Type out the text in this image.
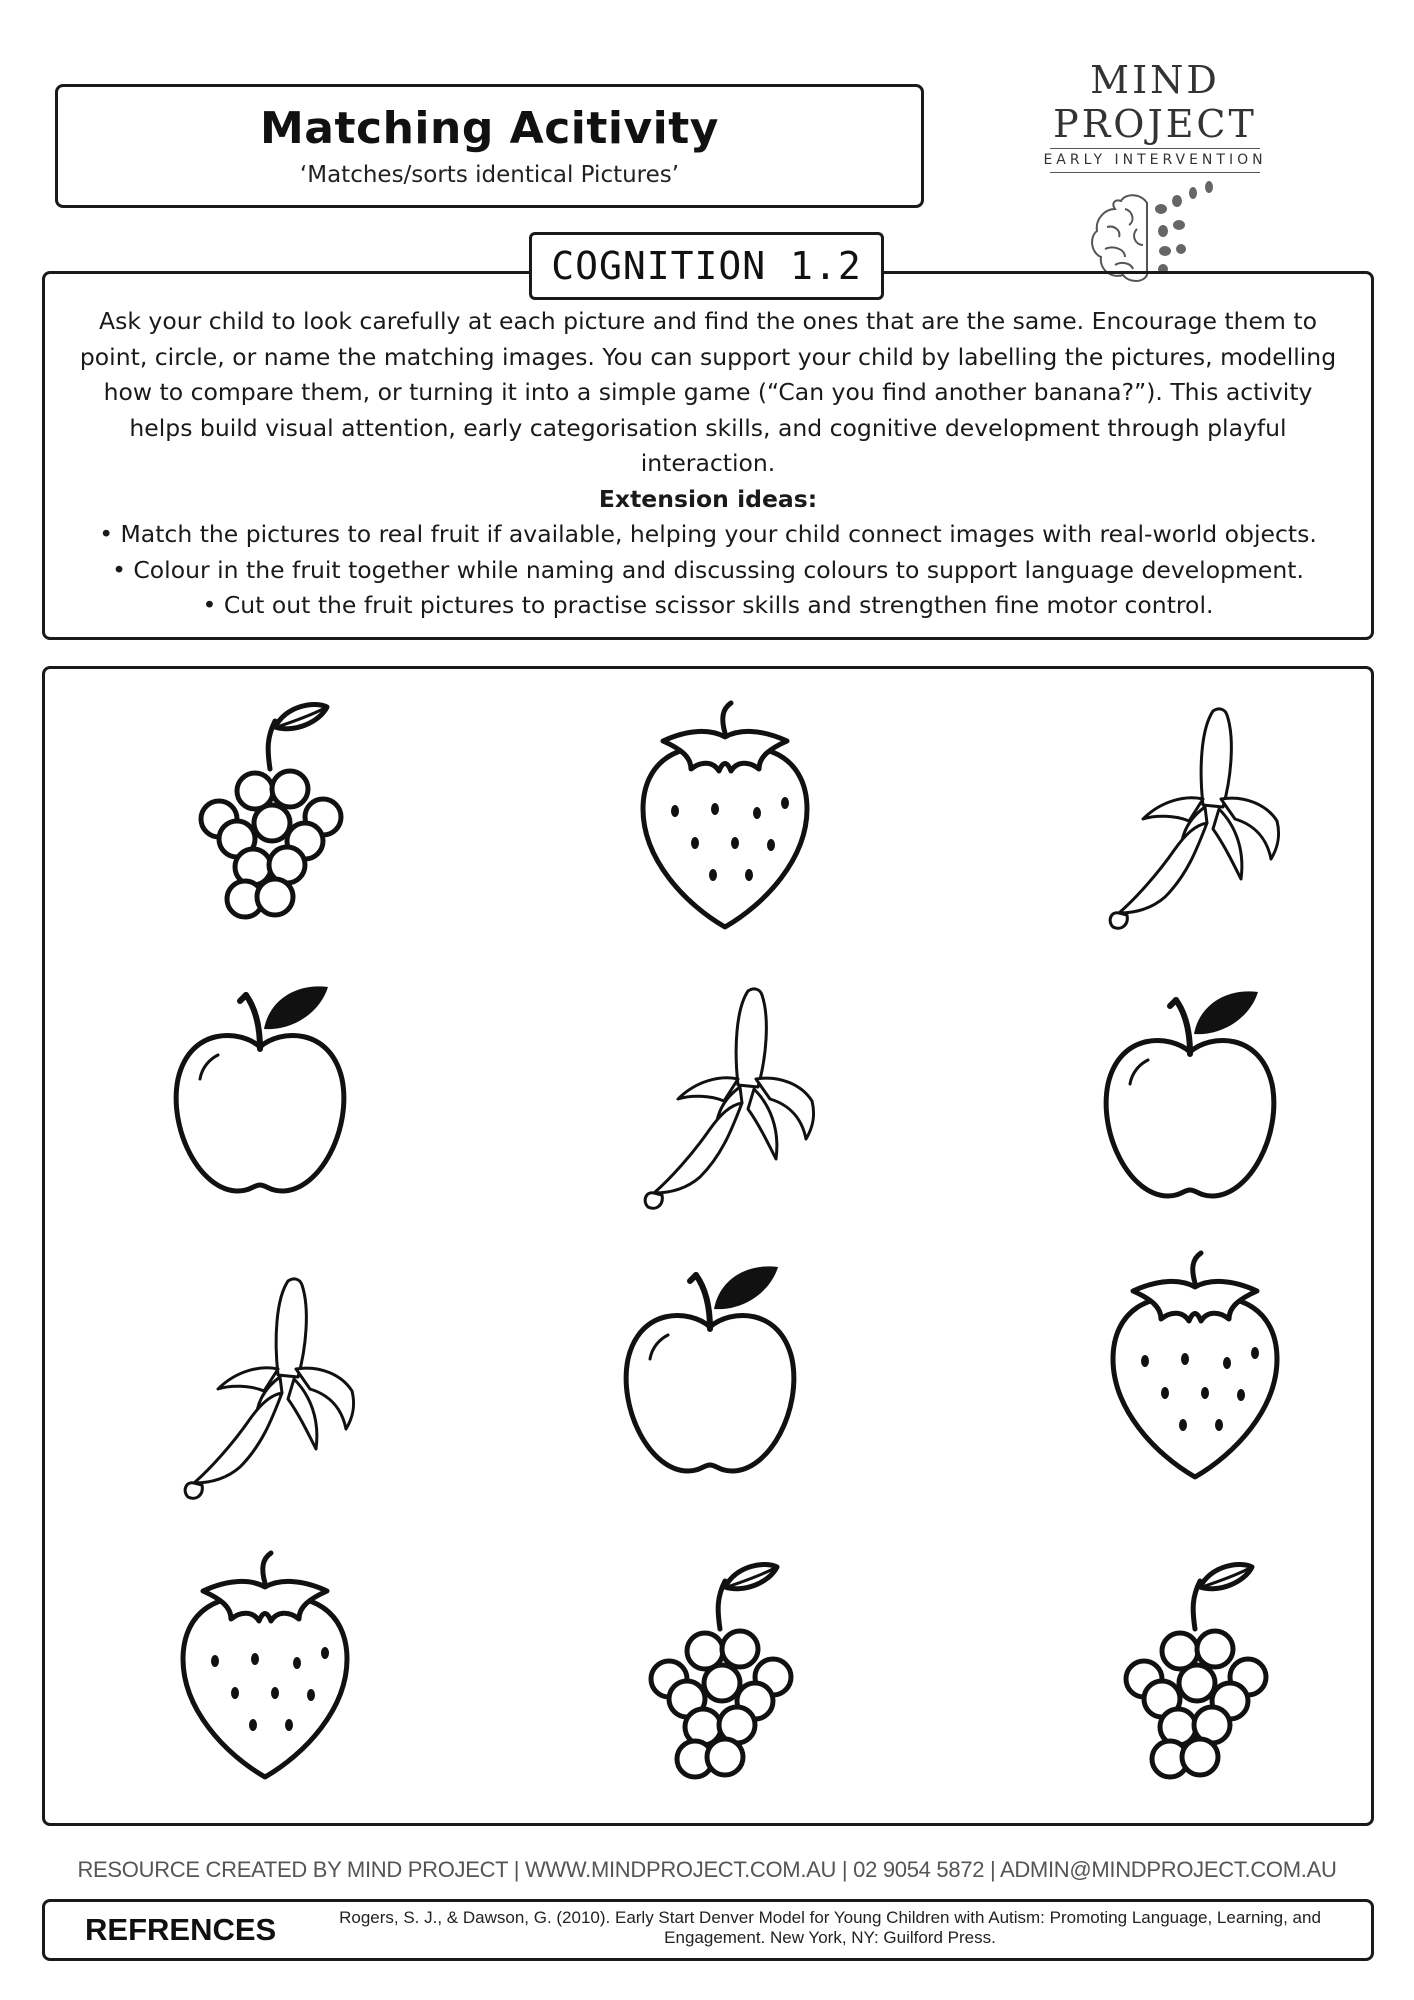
Matching Acitivity
‘Matches/sorts identical Pictures’
MIND PROJECT
EARLY INTERVENTION
COGNITION 1.2

Ask your child to look carefully at each picture and find the ones that are the same. Encourage them to

point, circle, or name the matching images. You can support your child by labelling the pictures, modelling

how to compare them, or turning it into a simple game (“Can you find another banana?”). This activity

helps build visual attention, early categorisation skills, and cognitive development through playful

interaction.

Extension ideas:

• Match the pictures to real fruit if available, helping your child connect images with real-world objects.

• Colour in the fruit together while naming and discussing colours to support language development.

• Cut out the fruit pictures to practise scissor skills and strengthen fine motor control.

RESOURCE CREATED BY MIND PROJECT | WWW.MINDPROJECT.COM.AU | 02 9054 5872 | ADMIN@MINDPROJECT.COM.AU
REFRENCES	Rogers, S. J., & Dawson, G. (2010). Early Start Denver Model for Young Children with Autism: Promoting Language, Learning, and
Engagement. New York, NY: Guilford Press.
